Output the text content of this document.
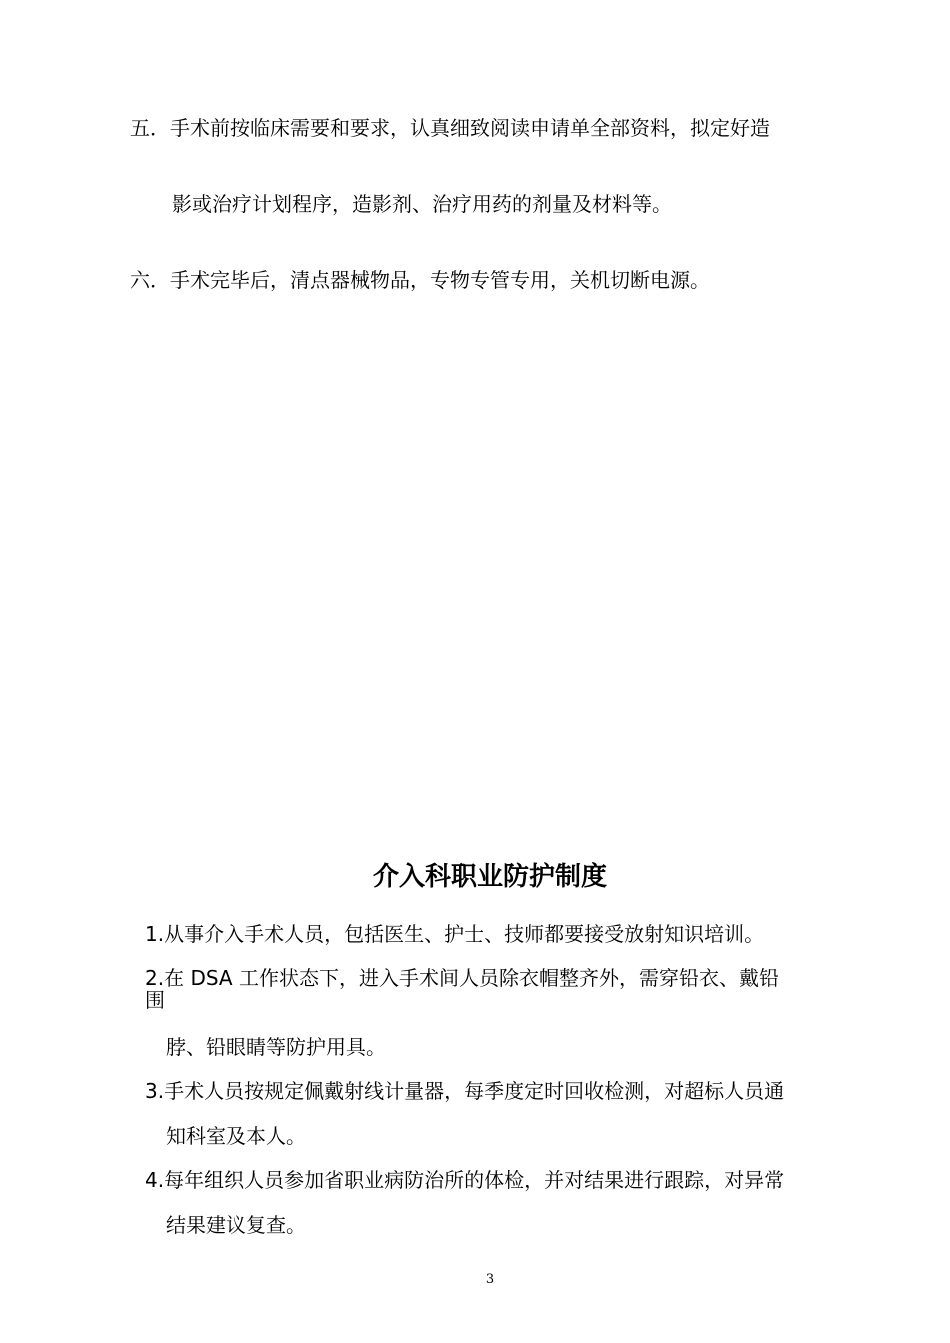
五．手术前按临床需要和要求，认真细致阅读申请单全部资料，拟定好造
影或治疗计划程序，造影剂、治疗用药的剂量及材料等。
六．手术完毕后，清点器械物品，专物专管专用，关机切断电源。
介入科职业防护制度
1.从事介入手术人员，包括医生、护士、技师都要接受放射知识培训。
2.在 DSA 工作状态下，进入手术间人员除衣帽整齐外，需穿铅衣、戴铅
围
脖、铅眼睛等防护用具。
3.手术人员按规定佩戴射线计量器，每季度定时回收检测，对超标人员通
知科室及本人。
4.每年组织人员参加省职业病防治所的体检，并对结果进行跟踪，对异常
结果建议复查。
3
